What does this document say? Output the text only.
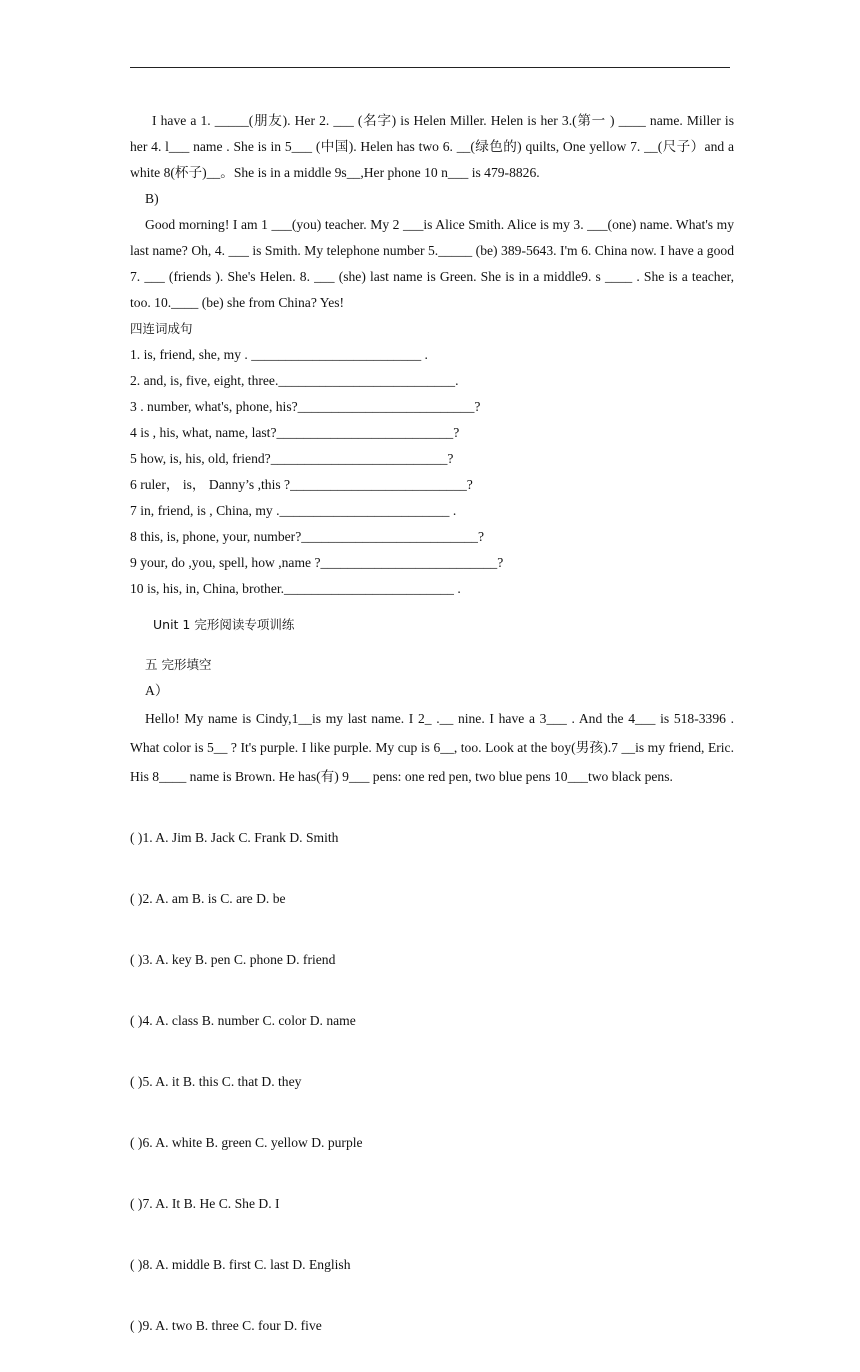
I have a 1. _____(朋友). Her 2. ___ (名字) is Helen Miller. Helen is her 3.(第一 ) ____ name. Miller is her 4. l___ name . She is in 5___ (中国). Helen has two 6. __(绿色的) quilts, One yellow 7. __(尺子）and a white 8(杯子)__。She is in a middle 9s__,Her phone 10 n___ is 479-8826.

B)

Good morning! I am 1 ___(you) teacher. My 2 ___is Alice Smith. Alice is my 3. ___(one) name. What's my last name? Oh, 4. ___ is Smith. My telephone number 5._____ (be) 389-5643. I'm 6. China now. I have a good 7. ___ (friends ). She's Helen. 8. ___ (she) last name is Green. She is in a middle9. s ____ . She is a teacher, too. 10.____ (be) she from China? Yes!

四连词成句
1. is, friend, she, my . _________________________ .
2. and, is, five, eight, three.__________________________.
3 . number, what's, phone, his?__________________________?
4 is , his, what, name, last?__________________________?
5 how, is, his, old, friend?__________________________?
6 ruler， is， Danny’s ,this ?__________________________?
7 in, friend, is , China, my ._________________________ .
8 this, is, phone, your, number?__________________________?
9 your, do ,you, spell, how ,name ?__________________________?
10 is, his, in, China, brother._________________________ .
Unit 1 完形阅读专项训练
五 完形填空
A）

Hello! My name is Cindy,1__is my last name. I 2_ .__ nine. I have a 3___ . And the 4___ is 518-3396 . What color is 5__ ? It's purple. I like purple. My cup is 6__, too. Look at the boy(男孩).7 __is my friend, Eric. His 8____ name is Brown. He has(有) 9___ pens: one red pen, two blue pens 10___two black pens.

( )1. A. Jim B. Jack C. Frank D. Smith

( )2. A. am B. is C. are D. be

( )3. A. key B. pen C. phone D. friend

( )4. A. class B. number C. color D. name

( )5. A. it B. this C. that D. they

( )6. A. white B. green C. yellow D. purple

( )7. A. It B. He C. She D. I

( )8. A. middle B. first C. last D. English

( )9. A. two B. three C. four D. five
